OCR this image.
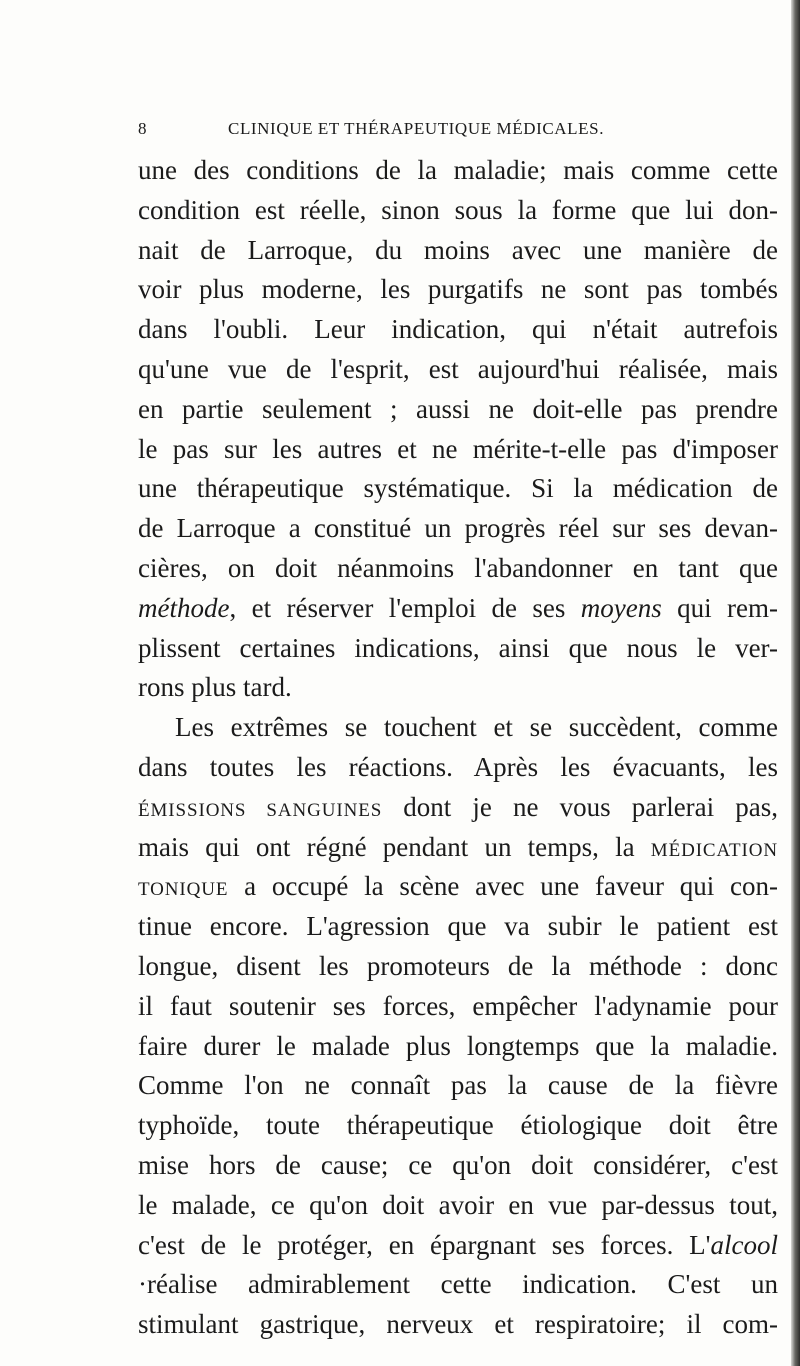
8	CLINIQUE ET THÉRAPEUTIQUE MÉDICALES.
une des conditions de la maladie; mais comme cette
condition est réelle, sinon sous la forme que lui don-
nait de Larroque, du moins avec une manière de
voir plus moderne, les purgatifs ne sont pas tombés
dans l'oubli. Leur indication, qui n'était autrefois
qu'une vue de l'esprit, est aujourd'hui réalisée, mais
en partie seulement ; aussi ne doit-elle pas prendre
le pas sur les autres et ne mérite-t-elle pas d'imposer
une thérapeutique systématique. Si la médication de
de Larroque a constitué un progrès réel sur ses devan-
cières, on doit néanmoins l'abandonner en tant que
méthode, et réserver l'emploi de ses moyens qui rem-
plissent certaines indications, ainsi que nous le ver-
rons plus tard.
Les extrêmes se touchent et se succèdent, comme
dans toutes les réactions. Après les évacuants, les
ÉMISSIONS SANGUINES dont je ne vous parlerai pas,
mais qui ont régné pendant un temps, la MÉDICATION
TONIQUE a occupé la scène avec une faveur qui con-
tinue encore. L'agression que va subir le patient est
longue, disent les promoteurs de la méthode : donc
il faut soutenir ses forces, empêcher l'adynamie pour
faire durer le malade plus longtemps que la maladie.
Comme l'on ne connaît pas la cause de la fièvre
typhoïde, toute thérapeutique étiologique doit être
mise hors de cause; ce qu'on doit considérer, c'est
le malade, ce qu'on doit avoir en vue par-dessus tout,
c'est de le protéger, en épargnant ses forces. L'alcool
·réalise admirablement cette indication. C'est un
stimulant gastrique, nerveux et respiratoire; il com-
